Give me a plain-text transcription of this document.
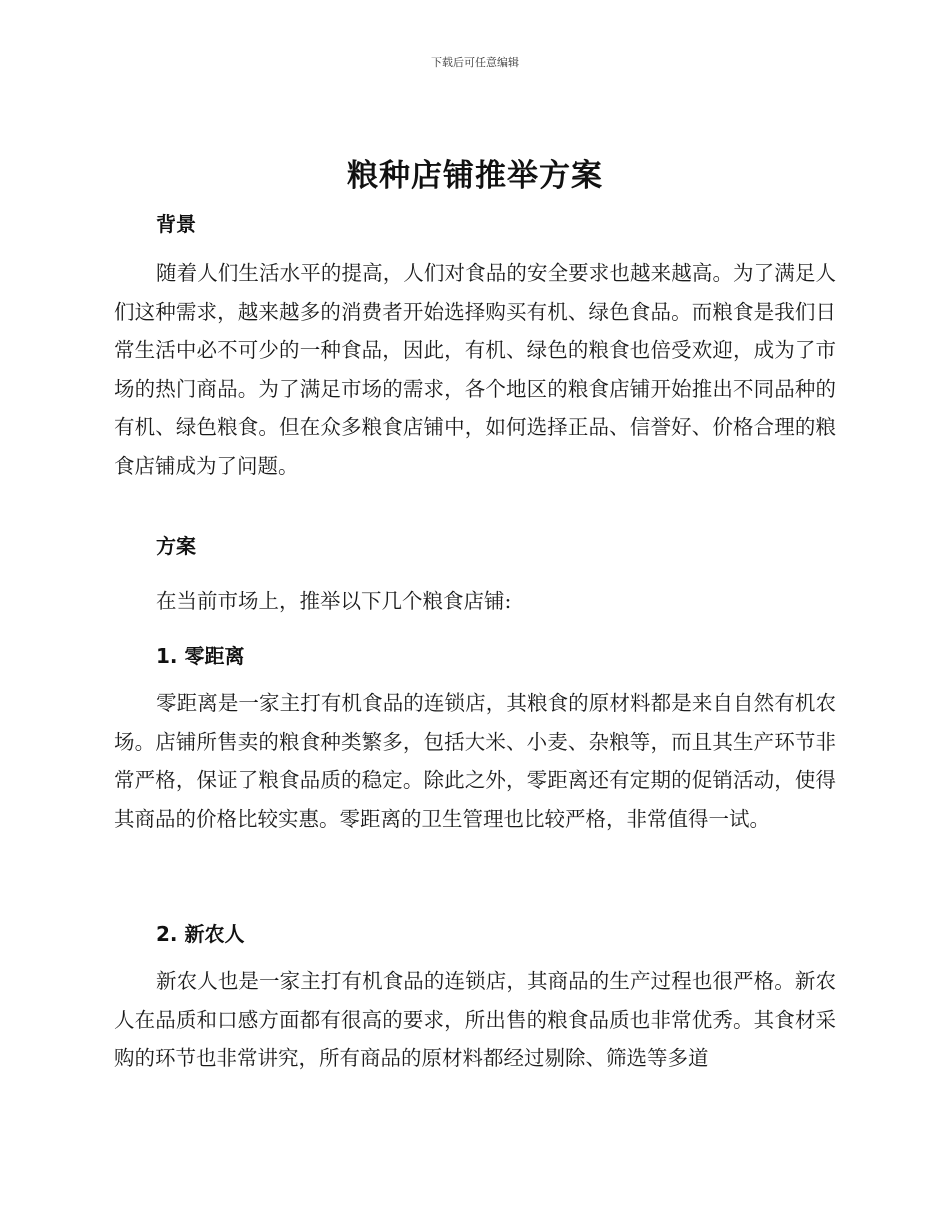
下载后可任意编辑
粮种店铺推举方案
背景
随着人们生活水平的提高，人们对食品的安全要求也越来越高。为了满足人们这种需求，越来越多的消费者开始选择购买有机、绿色食品。而粮食是我们日常生活中必不可少的一种食品，因此，有机、绿色的粮食也倍受欢迎，成为了市场的热门商品。为了满足市场的需求，各个地区的粮食店铺开始推出不同品种的有机、绿色粮食。但在众多粮食店铺中，如何选择正品、信誉好、价格合理的粮食店铺成为了问题。
方案
在当前市场上，推举以下几个粮食店铺:
1. 零距离
零距离是一家主打有机食品的连锁店，其粮食的原材料都是来自自然有机农场。店铺所售卖的粮食种类繁多，包括大米、小麦、杂粮等，而且其生产环节非常严格，保证了粮食品质的稳定。除此之外，零距离还有定期的促销活动，使得其商品的价格比较实惠。零距离的卫生管理也比较严格，非常值得一试。
2. 新农人
新农人也是一家主打有机食品的连锁店，其商品的生产过程也很严格。新农人在品质和口感方面都有很高的要求，所出售的粮食品质也非常优秀。其食材采购的环节也非常讲究，所有商品的原材料都经过剔除、筛选等多道
